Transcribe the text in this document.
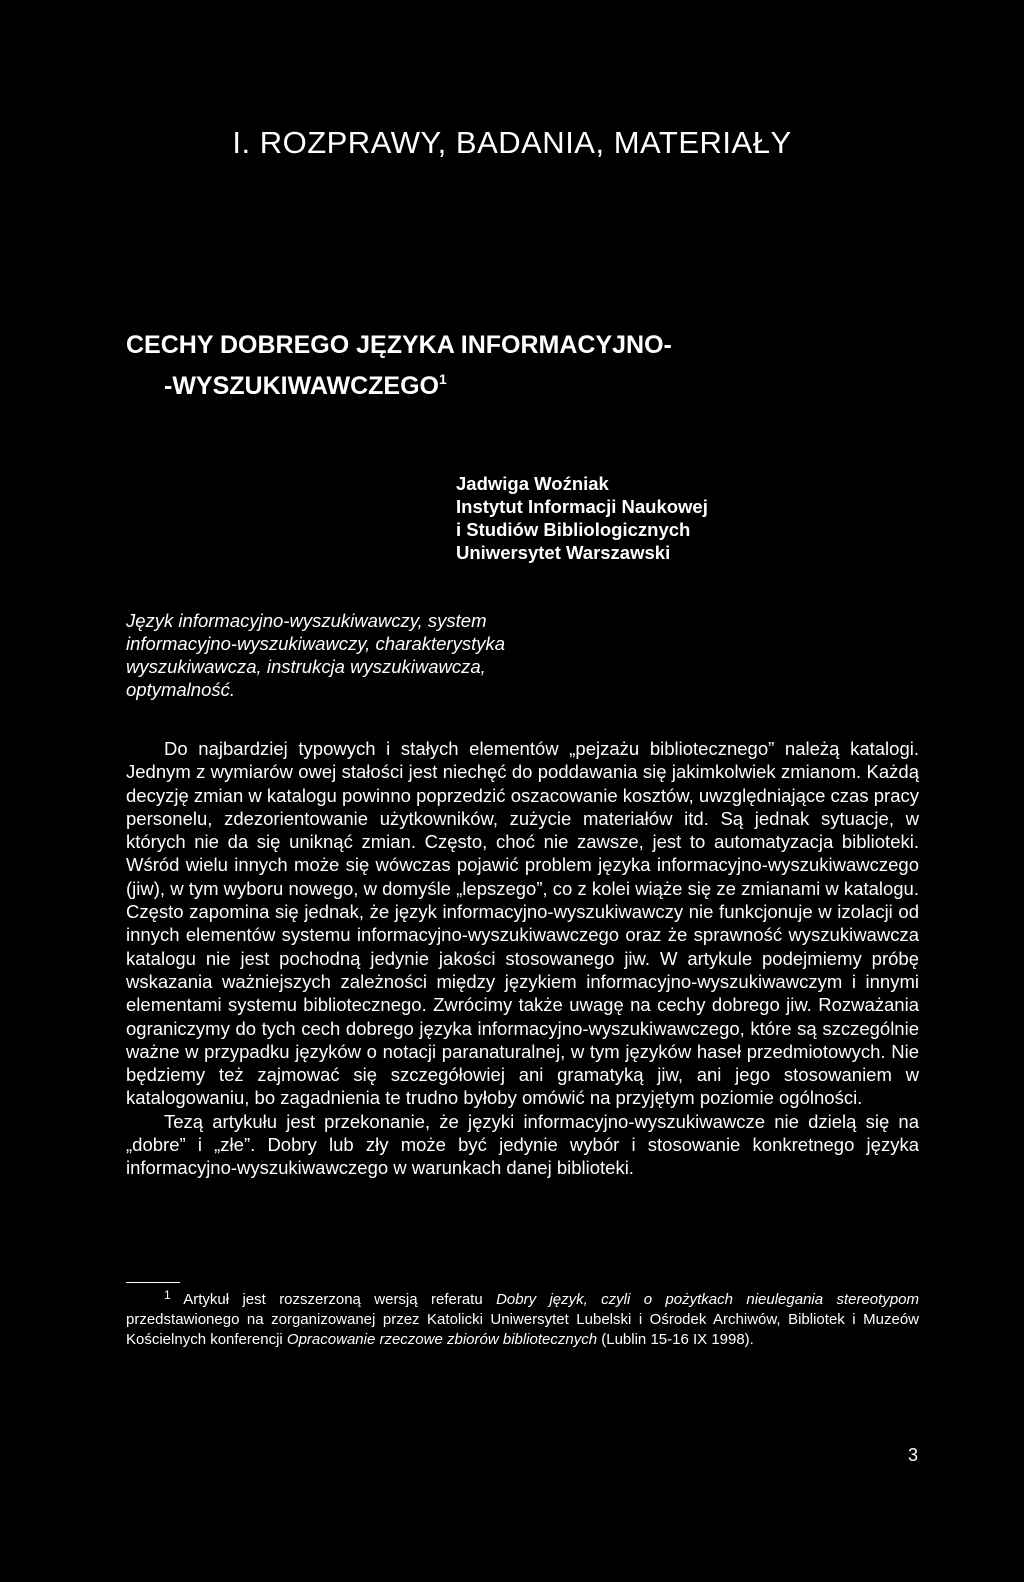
I. ROZPRAWY, BADANIA, MATERIAŁY
CECHY DOBREGO JĘZYKA INFORMACYJNO-
-WYSZUKIWAWCZEGO$^1$
Jadwiga Woźniak
Instytut Informacji Naukowej
i Studiów Bibliologicznych
Uniwersytet Warszawski
Język informacyjno-wyszukiwawczy, system informacyjno-wyszukiwawczy, charakterystyka wyszukiwawcza, instrukcja wyszukiwawcza, optymalność.

Do najbardziej typowych i stałych elementów „pejzażu bibliotecznego” należą katalogi. Jednym z wymiarów owej stałości jest niechęć do poddawania się jakimkolwiek zmianom. Każdą decyzję zmian w katalogu powinno poprzedzić oszacowanie kosztów, uwzględniające czas pracy personelu, zdezorientowanie użytkowników, zużycie materiałów itd. Są jednak sytuacje, w których nie da się uniknąć zmian. Często, choć nie zawsze, jest to automatyzacja biblioteki. Wśród wielu innych może się wówczas pojawić problem języka informacyjno-wyszukiwawczego (jiw), w tym wyboru nowego, w domyśle „lepszego”, co z kolei wiąże się ze zmianami w katalogu. Często zapomina się jednak, że język informacyjno-wyszukiwawczy nie funkcjonuje w izolacji od innych elementów systemu informacyjno-wyszukiwawczego oraz że sprawność wyszukiwawcza katalogu nie jest pochodną jedynie jakości stosowanego jiw. W artykule podejmiemy próbę wskazania ważniejszych zależności między językiem informacyjno-wyszukiwawczym i innymi elementami systemu bibliotecznego. Zwrócimy także uwagę na cechy dobrego jiw. Rozważania ograniczymy do tych cech dobrego języka informacyjno-wyszukiwawczego, które są szczególnie ważne w przypadku języków o notacji paranaturalnej, w tym języków haseł przedmiotowych. Nie będziemy też zajmować się szczegółowiej ani gramatyką jiw, ani jego stosowaniem w katalogowaniu, bo zagadnienia te trudno byłoby omówić na przyjętym poziomie ogólności.

Tezą artykułu jest przekonanie, że języki informacyjno-wyszukiwawcze nie dzielą się na „dobre” i „złe”. Dobry lub zły może być jedynie wybór i stosowanie konkretnego języka informacyjno-wyszukiwawczego w warunkach danej biblioteki.

$^1$ Artykuł jest rozszerzoną wersją referatu Dobry język, czyli o pożytkach nieulegania stereotypom przedstawionego na zorganizowanej przez Katolicki Uniwersytet Lubelski i Ośrodek Archiwów, Bibliotek i Muzeów Kościelnych konferencji Opracowanie rzeczowe zbiorów bibliotecznych (Lublin 15-16 IX 1998).

3
